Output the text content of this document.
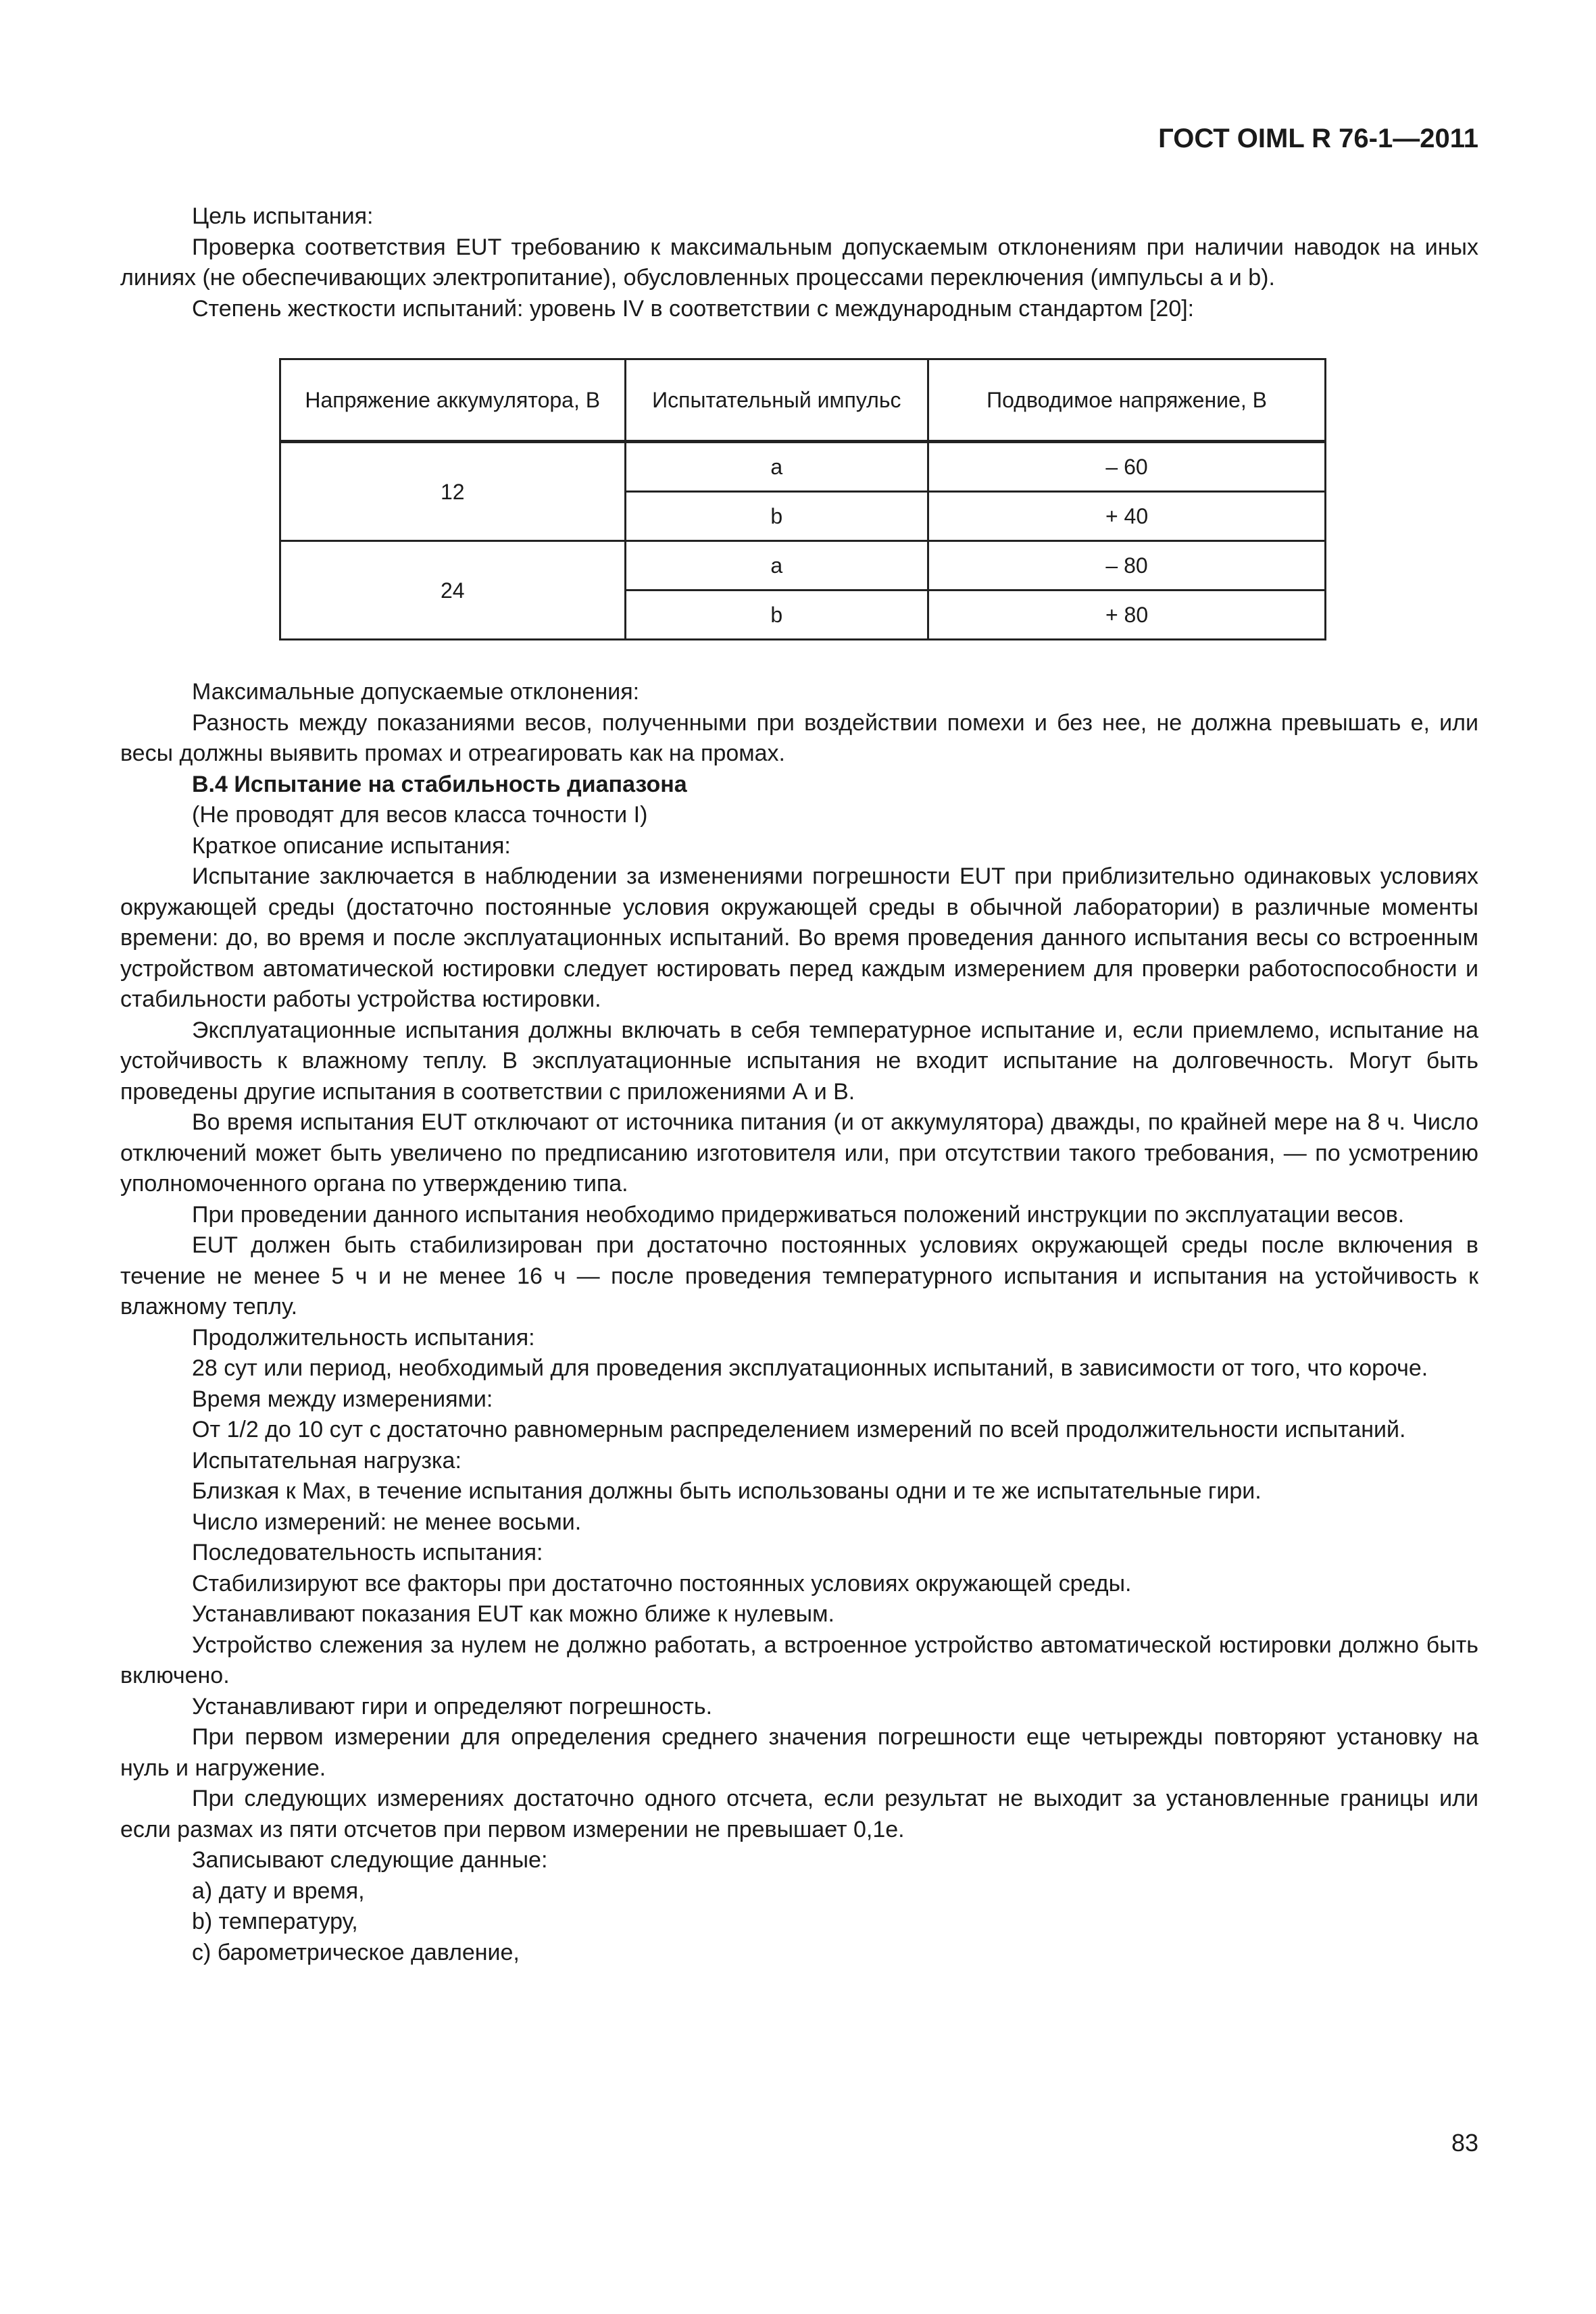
ГОСТ OIML R 76-1—2011

Цель испытания:

Проверка соответствия EUT требованию к максимальным допускаемым отклонениям при наличии наводок на иных линиях (не обеспечивающих электропитание), обусловленных процессами переключения (импульсы a и b).

Степень жесткости испытаний: уровень IV в соответствии с международным стандартом [20]:

Напряжение аккумулятора, В	Испытательный импульс	Подводимое напряжение, В
12	a	– 60
	b	+ 40
24	a	– 80
	b	+ 80

Максимальные допускаемые отклонения:

Разность между показаниями весов, полученными при воздействии помехи и без нее, не должна превышать e, или весы должны выявить промах и отреагировать как на промах.

В.4 Испытание на стабильность диапазона

(Не проводят для весов класса точности I)

Краткое описание испытания:

Испытание заключается в наблюдении за изменениями погрешности EUT при приблизительно одинаковых условиях окружающей среды (достаточно постоянные условия окружающей среды в обычной лаборатории) в различные моменты времени: до, во время и после эксплуатационных испытаний. Во время проведения данного испытания весы со встроенным устройством автоматической юстировки следует юстировать перед каждым измерением для проверки работоспособности и стабильности работы устройства юстировки.

Эксплуатационные испытания должны включать в себя температурное испытание и, если приемлемо, испытание на устойчивость к влажному теплу. В эксплуатационные испытания не входит испытание на долговечность. Могут быть проведены другие испытания в соответствии с приложениями А и В.

Во время испытания EUT отключают от источника питания (и от аккумулятора) дважды, по крайней мере на 8 ч. Число отключений может быть увеличено по предписанию изготовителя или, при отсутствии такого требования, — по усмотрению уполномоченного органа по утверждению типа.

При проведении данного испытания необходимо придерживаться положений инструкции по эксплуатации весов.

EUT должен быть стабилизирован при достаточно постоянных условиях окружающей среды после включения в течение не менее 5 ч и не менее 16 ч — после проведения температурного испытания и испытания на устойчивость к влажному теплу.

Продолжительность испытания:

28 сут или период, необходимый для проведения эксплуатационных испытаний, в зависимости от того, что короче.

Время между измерениями:

От 1/2 до 10 сут с достаточно равномерным распределением измерений по всей продолжительности испытаний.

Испытательная нагрузка:

Близкая к Max, в течение испытания должны быть использованы одни и те же испытательные гири.

Число измерений: не менее восьми.

Последовательность испытания:

Стабилизируют все факторы при достаточно постоянных условиях окружающей среды.

Устанавливают показания EUT как можно ближе к нулевым.

Устройство слежения за нулем не должно работать, а встроенное устройство автоматической юстировки должно быть включено.

Устанавливают гири и определяют погрешность.

При первом измерении для определения среднего значения погрешности еще четырежды повторяют установку на нуль и нагружение.

При следующих измерениях достаточно одного отсчета, если результат не выходит за установленные границы или если размах из пяти отсчетов при первом измерении не превышает 0,1e.

Записывают следующие данные:

a) дату и время,

b) температуру,

c) барометрическое давление,

83
